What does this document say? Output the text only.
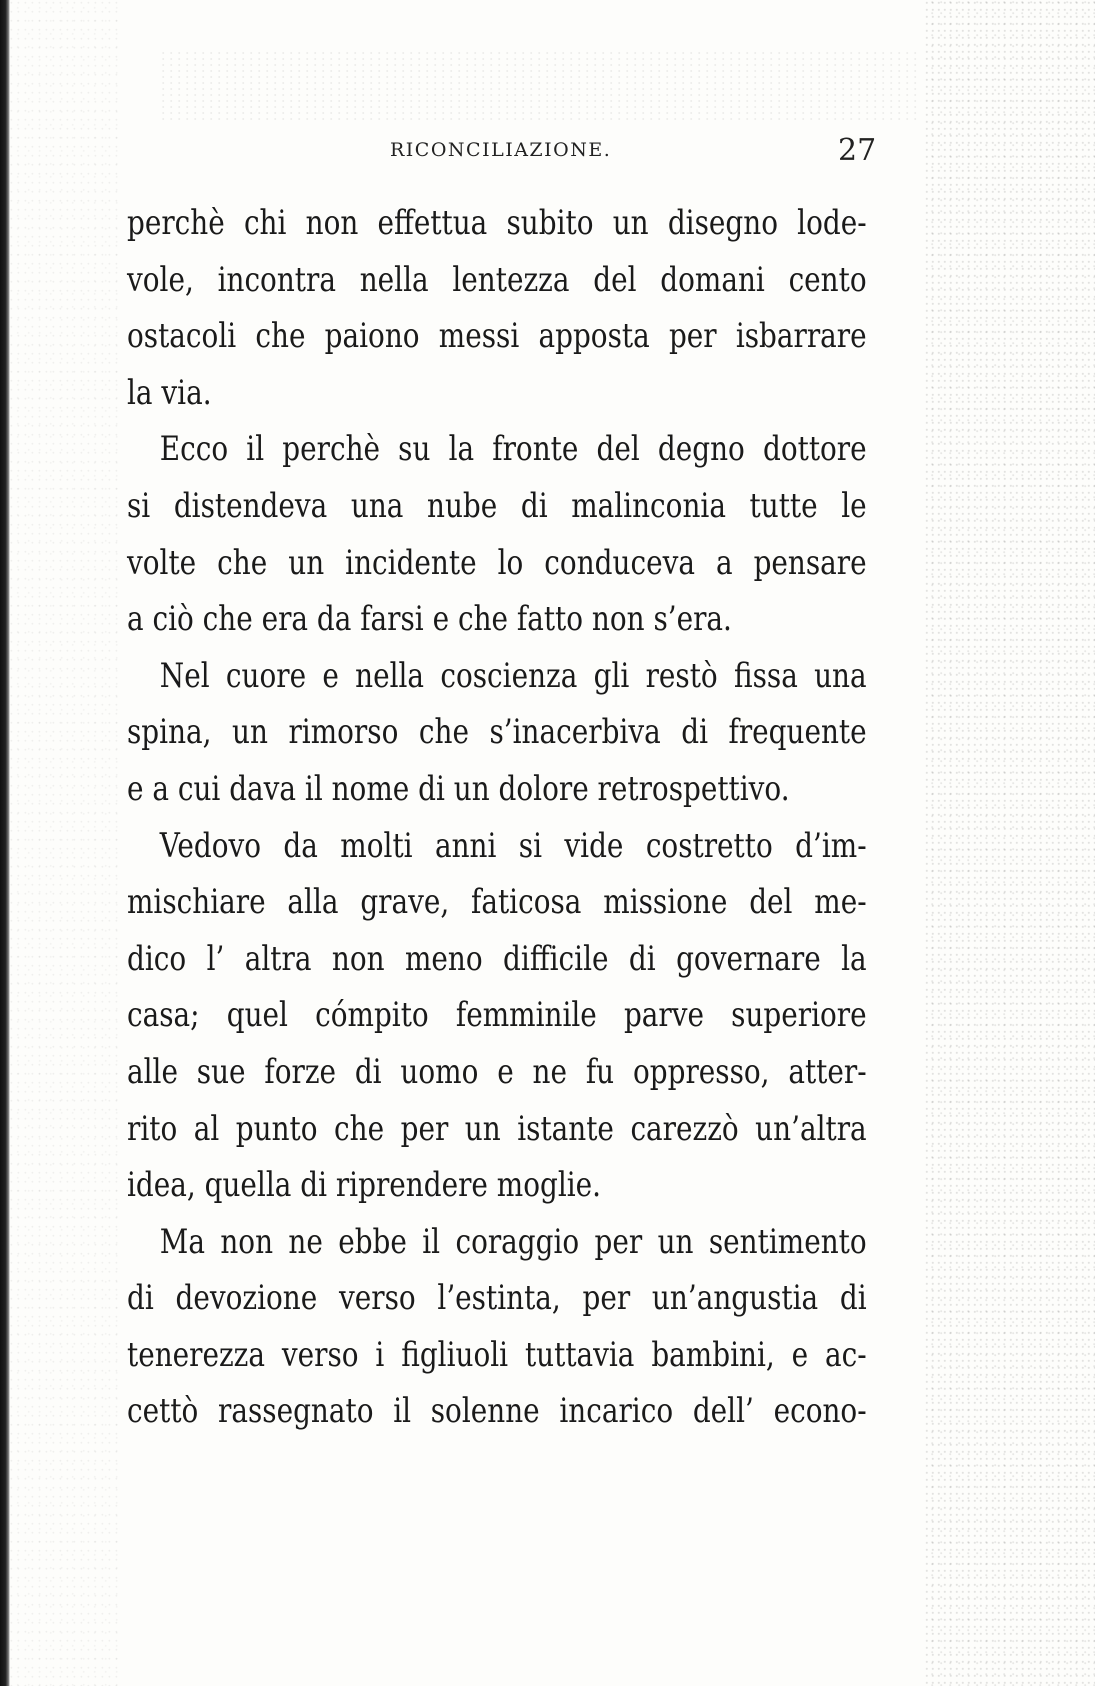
RICONCILIAZIONE.	27
perchè chi non effettua subito un disegno lode-
vole, incontra nella lentezza del domani cento
ostacoli che paiono messi apposta per isbarrare
la via.
Ecco il perchè su la fronte del degno dottore
si distendeva una nube di malinconia tutte le
volte che un incidente lo conduceva a pensare
a ciò che era da farsi e che fatto non s’era.
Nel cuore e nella coscienza gli restò fissa una
spina, un rimorso che s’inacerbiva di frequente
e a cui dava il nome di un dolore retrospettivo.
Vedovo da molti anni si vide costretto d’im-
mischiare alla grave, faticosa missione del me-
dico l’ altra non meno difficile di governare la
casa; quel cómpito femminile parve superiore
alle sue forze di uomo e ne fu oppresso, atter-
rito al punto che per un istante carezzò un’altra
idea, quella di riprendere moglie.
Ma non ne ebbe il coraggio per un sentimento
di devozione verso l’estinta, per un’angustia di
tenerezza verso i figliuoli tuttavia bambini, e ac-
cettò rassegnato il solenne incarico dell’ econo-
